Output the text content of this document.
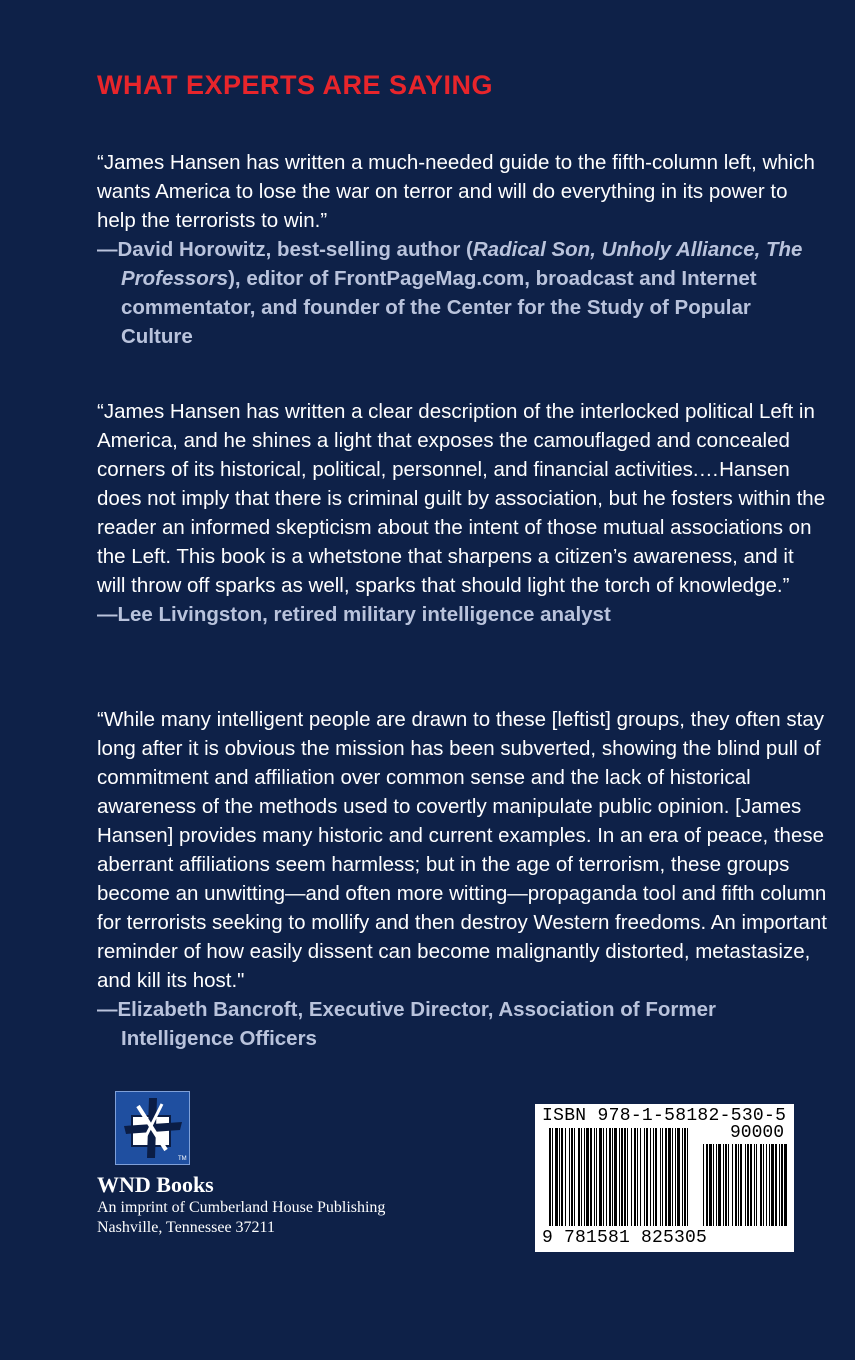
WHAT EXPERTS ARE SAYING

“James Hansen has written a much-needed guide to the fifth-column left, which wants America to lose the war on terror and will do everything in its power to help the terrorists to win.”

—David Horowitz, best-selling author (Radical Son, Unholy Alliance, The Professors), editor of FrontPageMag.com, broadcast and Internet commentator, and founder of the Center for the Study of Popular Culture

“James Hansen has written a clear description of the interlocked political Left in America, and he shines a light that exposes the camouflaged and concealed corners of its historical, political, personnel, and financial activities.…Hansen does not imply that there is criminal guilt by association, but he fosters within the reader an informed skepticism about the intent of those mutual associations on the Left. This book is a whetstone that sharpens a citizen’s awareness, and it will throw off sparks as well, sparks that should light the torch of knowledge.”

—Lee Livingston, retired military intelligence analyst

“While many intelligent people are drawn to these [leftist] groups, they often stay long after it is obvious the mission has been subverted, showing the blind pull of commitment and affiliation over common sense and the lack of historical awareness of the methods used to covertly manipulate public opinion. [James Hansen] provides many historic and current examples. In an era of peace, these aberrant affiliations seem harmless; but in the age of terrorism, these groups become an unwitting—and often more witting—propaganda tool and fifth column for terrorists seeking to mollify and then destroy Western freedoms. An important reminder of how easily dissent can become malignantly distorted, metastasize, and kill its host."

—Elizabeth Bancroft, Executive Director, Association of Former Intelligence Officers

TM
WND Books
An imprint of Cumberland House Publishing
Nashville, Tennessee 37211
ISBN 978-1-58182-530-5
90000
9 781581 825305
